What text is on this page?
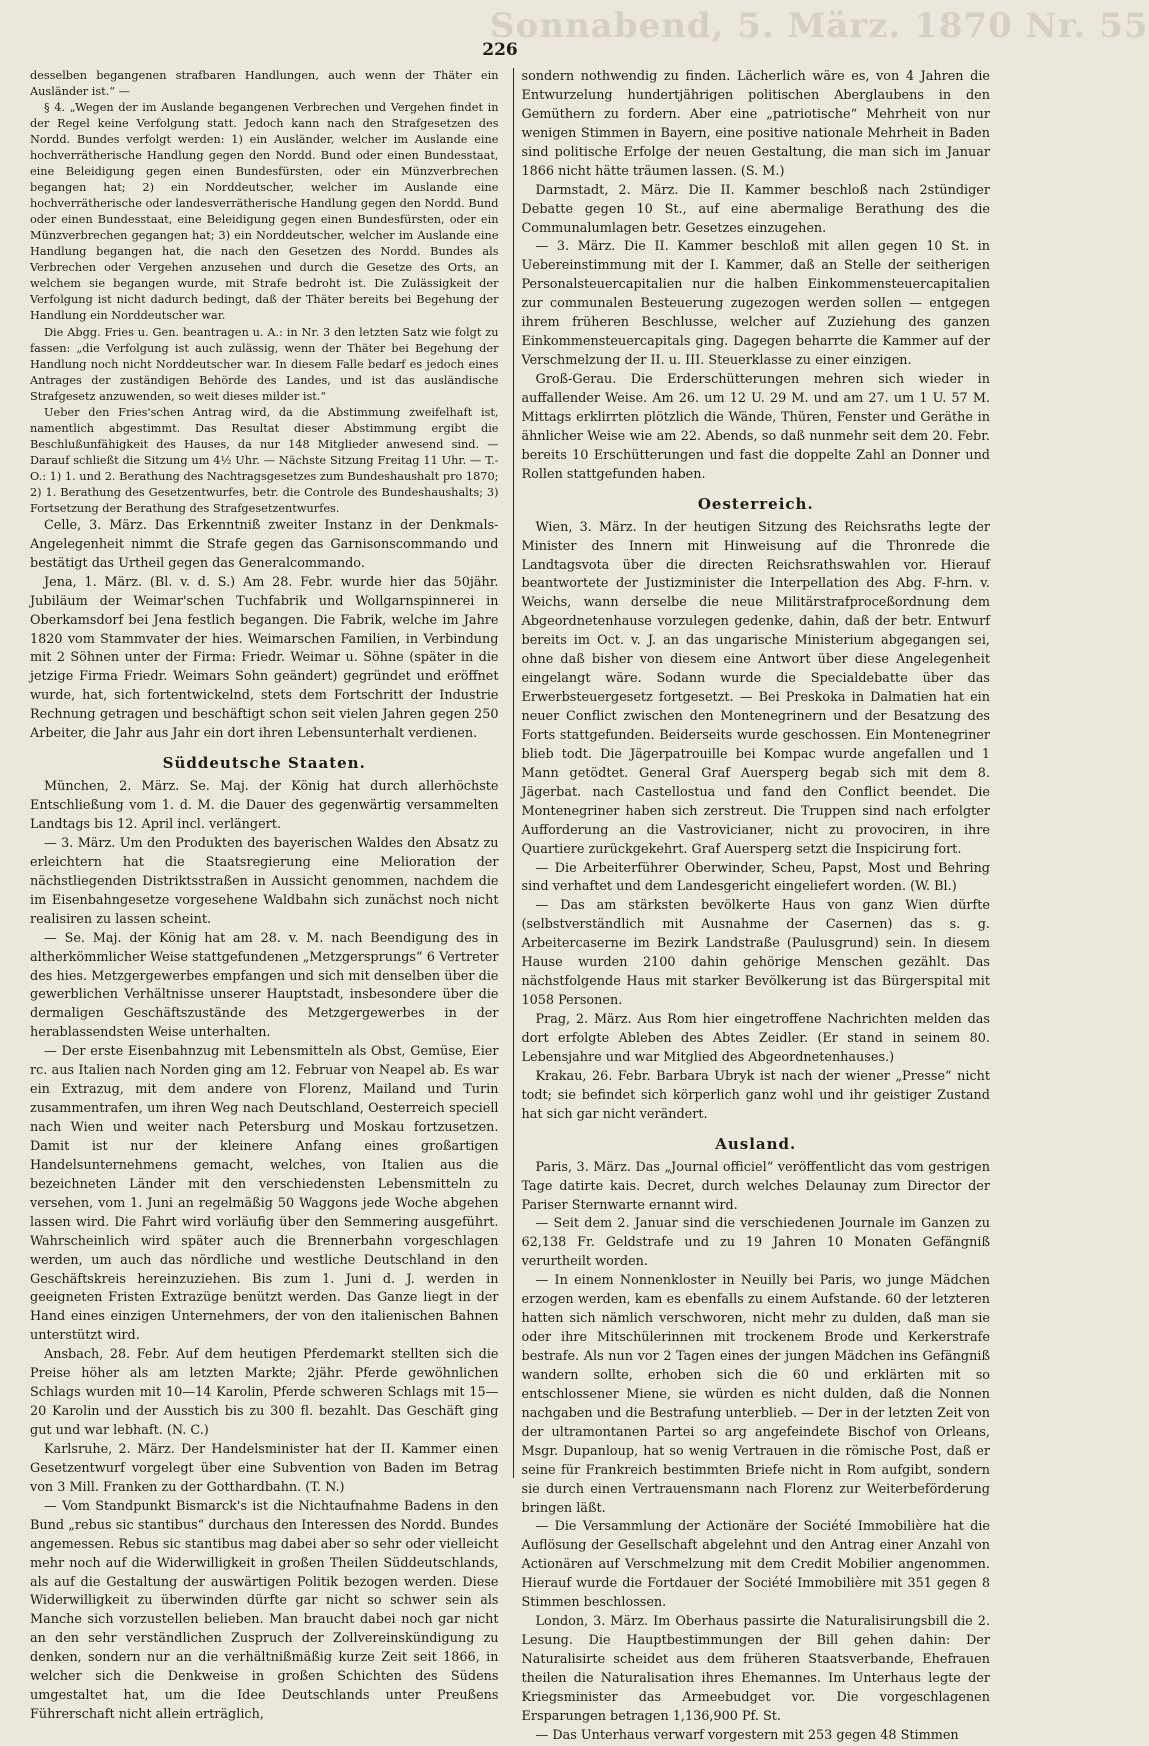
Sonnabend, 5. März. 1870 Nr. 55
226

desselben begangenen strafbaren Handlungen, auch wenn der Thäter ein Ausländer ist.“ —

§ 4. „Wegen der im Auslande begangenen Verbrechen und Vergehen findet in der Regel keine Verfolgung statt. Jedoch kann nach den Strafgesetzen des Nordd. Bundes verfolgt werden: 1) ein Ausländer, welcher im Auslande eine hochverrätherische Handlung gegen den Nordd. Bund oder einen Bundesstaat, eine Beleidigung gegen einen Bundesfürsten, oder ein Münzverbrechen begangen hat; 2) ein Norddeutscher, welcher im Auslande eine hochverrätherische oder landesverrätherische Handlung gegen den Nordd. Bund oder einen Bundesstaat, eine Beleidigung gegen einen Bundesfürsten, oder ein Münzverbrechen gegangen hat; 3) ein Norddeutscher, welcher im Auslande eine Handlung begangen hat, die nach den Gesetzen des Nordd. Bundes als Verbrechen oder Vergehen anzusehen und durch die Gesetze des Orts, an welchem sie begangen wurde, mit Strafe bedroht ist. Die Zulässigkeit der Verfolgung ist nicht dadurch bedingt, daß der Thäter bereits bei Begehung der Handlung ein Norddeutscher war.

Die Abgg. Fries u. Gen. beantragen u. A.: in Nr. 3 den letzten Satz wie folgt zu fassen: „die Verfolgung ist auch zulässig, wenn der Thäter bei Begehung der Handlung noch nicht Norddeutscher war. In diesem Falle bedarf es jedoch eines Antrages der zuständigen Behörde des Landes, und ist das ausländische Strafgesetz anzuwenden, so weit dieses milder ist.“

Ueber den Fries'schen Antrag wird, da die Abstimmung zweifelhaft ist, namentlich abgestimmt. Das Resultat dieser Abstimmung ergibt die Beschlußunfähigkeit des Hauses, da nur 148 Mitglieder anwesend sind. — Darauf schließt die Sitzung um 4½ Uhr. — Nächste Sitzung Freitag 11 Uhr. — T.-O.: 1) 1. und 2. Berathung des Nachtragsgesetzes zum Bundeshaushalt pro 1870; 2) 1. Berathung des Gesetzentwurfes, betr. die Controle des Bundeshaushalts; 3) Fortsetzung der Berathung des Strafgesetzentwurfes.

Celle, 3. März. Das Erkenntniß zweiter Instanz in der Denkmals-Angelegenheit nimmt die Strafe gegen das Garnisonscommando und bestätigt das Urtheil gegen das Generalcommando.

Jena, 1. März. (Bl. v. d. S.) Am 28. Febr. wurde hier das 50jähr. Jubiläum der Weimar'schen Tuchfabrik und Wollgarnspinnerei in Oberkamsdorf bei Jena festlich begangen. Die Fabrik, welche im Jahre 1820 vom Stammvater der hies. Weimarschen Familien, in Verbindung mit 2 Söhnen unter der Firma: Friedr. Weimar u. Söhne (später in die jetzige Firma Friedr. Weimars Sohn geändert) gegründet und eröffnet wurde, hat, sich fortentwickelnd, stets dem Fortschritt der Industrie Rechnung getragen und beschäftigt schon seit vielen Jahren gegen 250 Arbeiter, die Jahr aus Jahr ein dort ihren Lebensunterhalt verdienen.

Süddeutsche Staaten.

München, 2. März. Se. Maj. der König hat durch allerhöchste Entschließung vom 1. d. M. die Dauer des gegenwärtig versammelten Landtags bis 12. April incl. verlängert.

— 3. März. Um den Produkten des bayerischen Waldes den Absatz zu erleichtern hat die Staatsregierung eine Melioration der nächstliegenden Distriktsstraßen in Aussicht genommen, nachdem die im Eisenbahngesetze vorgesehene Waldbahn sich zunächst noch nicht realisiren zu lassen scheint.

— Se. Maj. der König hat am 28. v. M. nach Beendigung des in altherkömmlicher Weise stattgefundenen „Metzgersprungs“ 6 Vertreter des hies. Metzgergewerbes empfangen und sich mit denselben über die gewerblichen Verhältnisse unserer Hauptstadt, insbesondere über die dermaligen Geschäftszustände des Metzgergewerbes in der herablassendsten Weise unterhalten.

— Der erste Eisenbahnzug mit Lebensmitteln als Obst, Gemüse, Eier rc. aus Italien nach Norden ging am 12. Februar von Neapel ab. Es war ein Extrazug, mit dem andere von Florenz, Mailand und Turin zusammentrafen, um ihren Weg nach Deutschland, Oesterreich speciell nach Wien und weiter nach Petersburg und Moskau fortzusetzen. Damit ist nur der kleinere Anfang eines großartigen Handelsunternehmens gemacht, welches, von Italien aus die bezeichneten Länder mit den verschiedensten Lebensmitteln zu versehen, vom 1. Juni an regelmäßig 50 Waggons jede Woche abgehen lassen wird. Die Fahrt wird vorläufig über den Semmering ausgeführt. Wahrscheinlich wird später auch die Brennerbahn vorgeschlagen werden, um auch das nördliche und westliche Deutschland in den Geschäftskreis hereinzuziehen. Bis zum 1. Juni d. J. werden in geeigneten Fristen Extrazüge benützt werden. Das Ganze liegt in der Hand eines einzigen Unternehmers, der von den italienischen Bahnen unterstützt wird.

Ansbach, 28. Febr. Auf dem heutigen Pferdemarkt stellten sich die Preise höher als am letzten Markte; 2jähr. Pferde gewöhnlichen Schlags wurden mit 10—14 Karolin, Pferde schweren Schlags mit 15—20 Karolin und der Ausstich bis zu 300 fl. bezahlt. Das Geschäft ging gut und war lebhaft. (N. C.)

Karlsruhe, 2. März. Der Handelsminister hat der II. Kammer einen Gesetzentwurf vorgelegt über eine Subvention von Baden im Betrag von 3 Mill. Franken zu der Gotthardbahn. (T. N.)

— Vom Standpunkt Bismarck's ist die Nichtaufnahme Badens in den Bund „rebus sic stantibus“ durchaus den Interessen des Nordd. Bundes angemessen. Rebus sic stantibus mag dabei aber so sehr oder vielleicht mehr noch auf die Widerwilligkeit in großen Theilen Süddeutschlands, als auf die Gestaltung der auswärtigen Politik bezogen werden. Diese Widerwilligkeit zu überwinden dürfte gar nicht so schwer sein als Manche sich vorzustellen belieben. Man braucht dabei noch gar nicht an den sehr verständlichen Zuspruch der Zollvereinskündigung zu denken, sondern nur an die verhältnißmäßig kurze Zeit seit 1866, in welcher sich die Denkweise in großen Schichten des Südens umgestaltet hat, um die Idee Deutschlands unter Preußens Führerschaft nicht allein erträglich,

sondern nothwendig zu finden. Lächerlich wäre es, von 4 Jahren die Entwurzelung hundertjährigen politischen Aberglaubens in den Gemüthern zu fordern. Aber eine „patriotische“ Mehrheit von nur wenigen Stimmen in Bayern, eine positive nationale Mehrheit in Baden sind politische Erfolge der neuen Gestaltung, die man sich im Januar 1866 nicht hätte träumen lassen. (S. M.)

Darmstadt, 2. März. Die II. Kammer beschloß nach 2stündiger Debatte gegen 10 St., auf eine abermalige Berathung des die Communalumlagen betr. Gesetzes einzugehen.

— 3. März. Die II. Kammer beschloß mit allen gegen 10 St. in Uebereinstimmung mit der I. Kammer, daß an Stelle der seitherigen Personalsteuercapitalien nur die halben Einkommensteuercapitalien zur communalen Besteuerung zugezogen werden sollen — entgegen ihrem früheren Beschlusse, welcher auf Zuziehung des ganzen Einkommensteuercapitals ging. Dagegen beharrte die Kammer auf der Verschmelzung der II. u. III. Steuerklasse zu einer einzigen.

Groß-Gerau. Die Erderschütterungen mehren sich wieder in auffallender Weise. Am 26. um 12 U. 29 M. und am 27. um 1 U. 57 M. Mittags erklirrten plötzlich die Wände, Thüren, Fenster und Geräthe in ähnlicher Weise wie am 22. Abends, so daß nunmehr seit dem 20. Febr. bereits 10 Erschütterungen und fast die doppelte Zahl an Donner und Rollen stattgefunden haben.

Oesterreich.

Wien, 3. März. In der heutigen Sitzung des Reichsraths legte der Minister des Innern mit Hinweisung auf die Thronrede die Landtagsvota über die directen Reichsrathswahlen vor. Hierauf beantwortete der Justizminister die Interpellation des Abg. F-hrn. v. Weichs, wann derselbe die neue Militärstrafproceßordnung dem Abgeordnetenhause vorzulegen gedenke, dahin, daß der betr. Entwurf bereits im Oct. v. J. an das ungarische Ministerium abgegangen sei, ohne daß bisher von diesem eine Antwort über diese Angelegenheit eingelangt wäre. Sodann wurde die Specialdebatte über das Erwerbsteuergesetz fortgesetzt. — Bei Preskoka in Dalmatien hat ein neuer Conflict zwischen den Montenegrinern und der Besatzung des Forts stattgefunden. Beiderseits wurde geschossen. Ein Montenegriner blieb todt. Die Jägerpatrouille bei Kompac wurde angefallen und 1 Mann getödtet. General Graf Auersperg begab sich mit dem 8. Jägerbat. nach Castellostua und fand den Conflict beendet. Die Montenegriner haben sich zerstreut. Die Truppen sind nach erfolgter Aufforderung an die Vastrovicianer, nicht zu provociren, in ihre Quartiere zurückgekehrt. Graf Auersperg setzt die Inspicirung fort.

— Die Arbeiterführer Oberwinder, Scheu, Papst, Most und Behring sind verhaftet und dem Landesgericht eingeliefert worden. (W. Bl.)

— Das am stärksten bevölkerte Haus von ganz Wien dürfte (selbstverständlich mit Ausnahme der Casernen) das s. g. Arbeitercaserne im Bezirk Landstraße (Paulusgrund) sein. In diesem Hause wurden 2100 dahin gehörige Menschen gezählt. Das nächstfolgende Haus mit starker Bevölkerung ist das Bürgerspital mit 1058 Personen.

Prag, 2. März. Aus Rom hier eingetroffene Nachrichten melden das dort erfolgte Ableben des Abtes Zeidler. (Er stand in seinem 80. Lebensjahre und war Mitglied des Abgeordnetenhauses.)

Krakau, 26. Febr. Barbara Ubryk ist nach der wiener „Presse“ nicht todt; sie befindet sich körperlich ganz wohl und ihr geistiger Zustand hat sich gar nicht verändert.

Ausland.

Paris, 3. März. Das „Journal officiel“ veröffentlicht das vom gestrigen Tage datirte kais. Decret, durch welches Delaunay zum Director der Pariser Sternwarte ernannt wird.

— Seit dem 2. Januar sind die verschiedenen Journale im Ganzen zu 62,138 Fr. Geldstrafe und zu 19 Jahren 10 Monaten Gefängniß verurtheilt worden.

— In einem Nonnenkloster in Neuilly bei Paris, wo junge Mädchen erzogen werden, kam es ebenfalls zu einem Aufstande. 60 der letzteren hatten sich nämlich verschworen, nicht mehr zu dulden, daß man sie oder ihre Mitschülerinnen mit trockenem Brode und Kerkerstrafe bestrafe. Als nun vor 2 Tagen eines der jungen Mädchen ins Gefängniß wandern sollte, erhoben sich die 60 und erklärten mit so entschlossener Miene, sie würden es nicht dulden, daß die Nonnen nachgaben und die Bestrafung unterblieb. — Der in der letzten Zeit von der ultramontanen Partei so arg angefeindete Bischof von Orleans, Msgr. Dupanloup, hat so wenig Vertrauen in die römische Post, daß er seine für Frankreich bestimmten Briefe nicht in Rom aufgibt, sondern sie durch einen Vertrauensmann nach Florenz zur Weiterbeförderung bringen läßt.

— Die Versammlung der Actionäre der Société Immobilière hat die Auflösung der Gesellschaft abgelehnt und den Antrag einer Anzahl von Actionären auf Verschmelzung mit dem Credit Mobilier angenommen. Hierauf wurde die Fortdauer der Société Immobilière mit 351 gegen 8 Stimmen beschlossen.

London, 3. März. Im Oberhaus passirte die Naturalisirungsbill die 2. Lesung. Die Hauptbestimmungen der Bill gehen dahin: Der Naturalisirte scheidet aus dem früheren Staatsverbande, Ehefrauen theilen die Naturalisation ihres Ehemannes. Im Unterhaus legte der Kriegsminister das Armeebudget vor. Die vorgeschlagenen Ersparungen betragen 1,136,900 Pf. St.

— Das Unterhaus verwarf vorgestern mit 253 gegen 48 Stimmen
